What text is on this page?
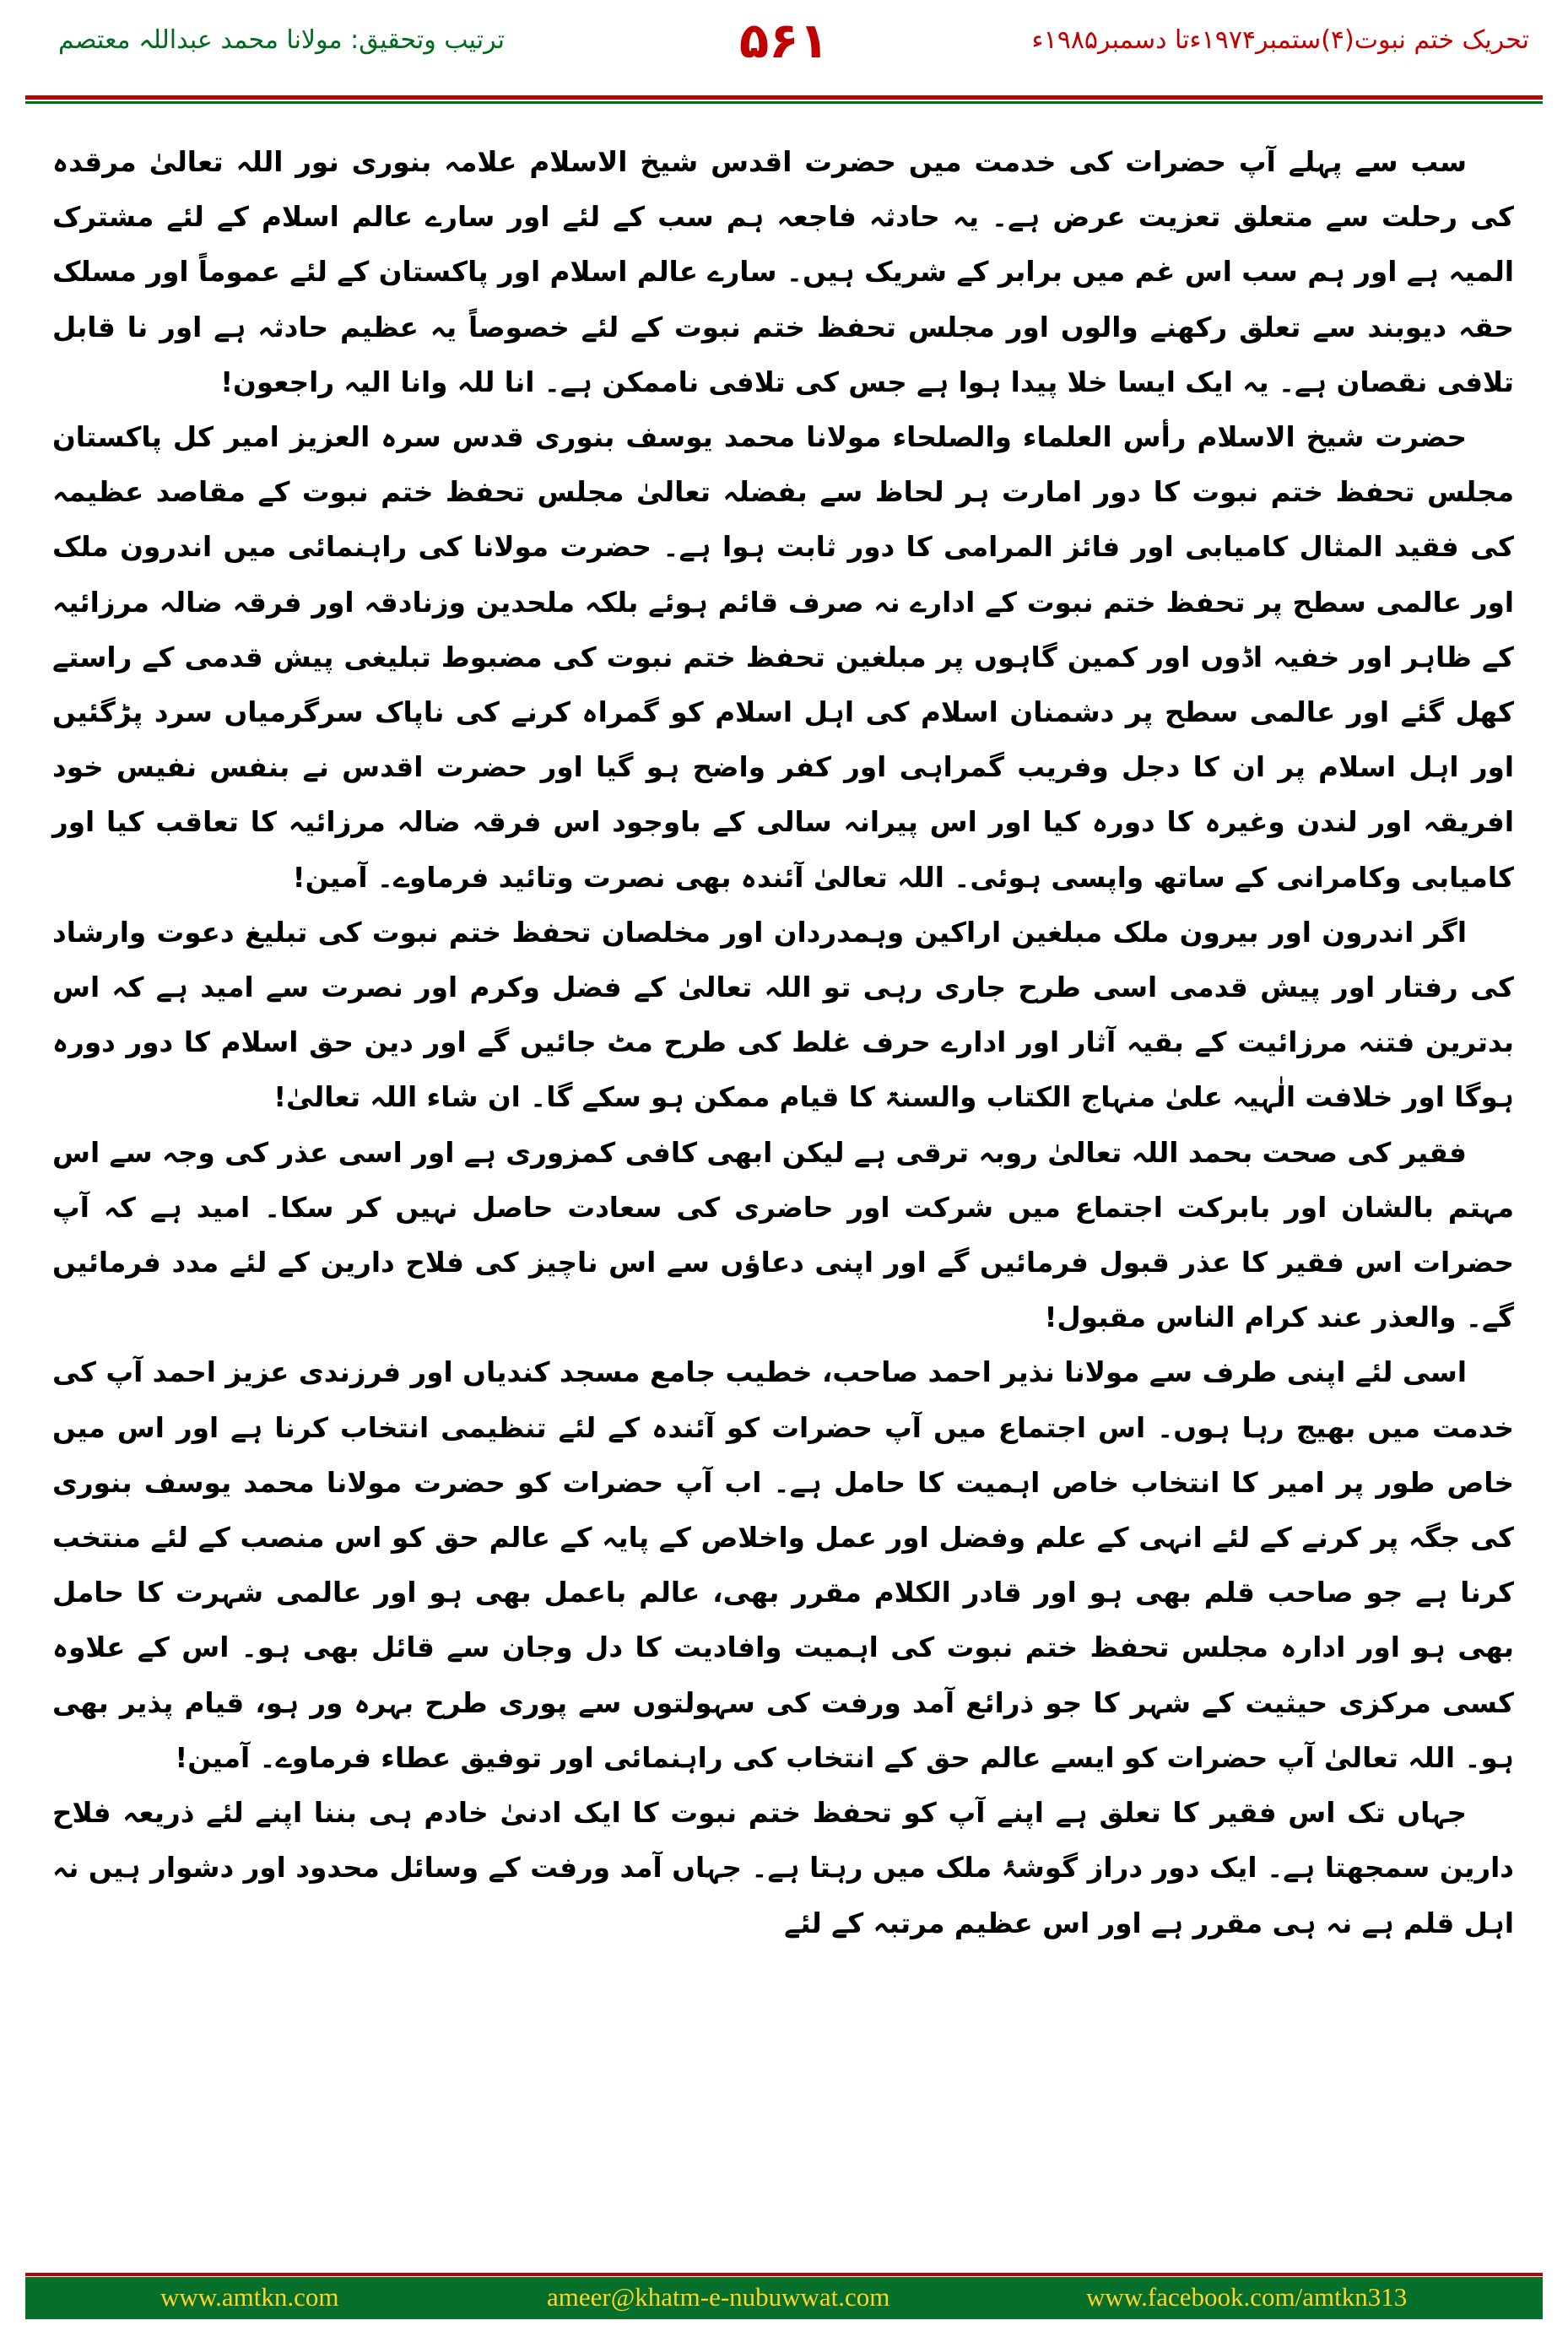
ترتیب وتحقیق: مولانا محمد عبداللہ معتصم	۵۶۱	تحریک ختم نبوت(۴)ستمبر۱۹۷۴ءتا دسمبر۱۹۸۵ء

سب سے پہلے آپ حضرات کی خدمت میں حضرت اقدس شیخ الاسلام علامہ بنوری نور اللہ تعالیٰ مرقدہ کی رحلت سے متعلق تعزیت عرض ہے۔ یہ حادثہ فاجعہ ہم سب کے لئے اور سارے عالم اسلام کے لئے مشترک المیہ ہے اور ہم سب اس غم میں برابر کے شریک ہیں۔ سارے عالم اسلام اور پاکستان کے لئے عموماً اور مسلک حقہ دیوبند سے تعلق رکھنے والوں اور مجلس تحفظ ختم نبوت کے لئے خصوصاً یہ عظیم حادثہ ہے اور نا قابل تلافی نقصان ہے۔ یہ ایک ایسا خلا پیدا ہوا ہے جس کی تلافی ناممکن ہے۔ انا للہ وانا الیہ راجعون!

حضرت شیخ الاسلام رأس العلماء والصلحاء مولانا محمد یوسف بنوری قدس سرہ العزیز امیر کل پاکستان مجلس تحفظ ختم نبوت کا دور امارت ہر لحاظ سے بفضلہ تعالیٰ مجلس تحفظ ختم نبوت کے مقاصد عظیمہ کی فقید المثال کامیابی اور فائز المرامی کا دور ثابت ہوا ہے۔ حضرت مولانا کی راہنمائی میں اندرون ملک اور عالمی سطح پر تحفظ ختم نبوت کے ادارے نہ صرف قائم ہوئے بلکہ ملحدین وزنادقہ اور فرقہ ضالہ مرزائیہ کے ظاہر اور خفیہ اڈوں اور کمین گاہوں پر مبلغین تحفظ ختم نبوت کی مضبوط تبلیغی پیش قدمی کے راستے کھل گئے اور عالمی سطح پر دشمنان اسلام کی اہل اسلام کو گمراہ کرنے کی ناپاک سرگرمیاں سرد پڑگئیں اور اہل اسلام پر ان کا دجل وفریب گمراہی اور کفر واضح ہو گیا اور حضرت اقدس نے بنفس نفیس خود افریقہ اور لندن وغیرہ کا دورہ کیا اور اس پیرانہ سالی کے باوجود اس فرقہ ضالہ مرزائیہ کا تعاقب کیا اور کامیابی وکامرانی کے ساتھ واپسی ہوئی۔ اللہ تعالیٰ آئندہ بھی نصرت وتائید فرماوے۔ آمین!

اگر اندرون اور بیرون ملک مبلغین اراکین وہمدردان اور مخلصان تحفظ ختم نبوت کی تبلیغ دعوت وارشاد کی رفتار اور پیش قدمی اسی طرح جاری رہی تو اللہ تعالیٰ کے فضل وکرم اور نصرت سے امید ہے کہ اس بدترین فتنہ مرزائیت کے بقیہ آثار اور ادارے حرف غلط کی طرح مٹ جائیں گے اور دین حق اسلام کا دور دورہ ہوگا اور خلافت الٰہیہ علیٰ منہاج الکتاب والسنۃ کا قیام ممکن ہو سکے گا۔ ان شاء اللہ تعالیٰ!

فقیر کی صحت بحمد اللہ تعالیٰ روبہ ترقی ہے لیکن ابھی کافی کمزوری ہے اور اسی عذر کی وجہ سے اس مہتم بالشان اور بابرکت اجتماع میں شرکت اور حاضری کی سعادت حاصل نہیں کر سکا۔ امید ہے کہ آپ حضرات اس فقیر کا عذر قبول فرمائیں گے اور اپنی دعاؤں سے اس ناچیز کی فلاح دارین کے لئے مدد فرمائیں گے۔ والعذر عند کرام الناس مقبول!

اسی لئے اپنی طرف سے مولانا نذیر احمد صاحب، خطیب جامع مسجد کندیاں اور فرزندی عزیز احمد آپ کی خدمت میں بھیج رہا ہوں۔ اس اجتماع میں آپ حضرات کو آئندہ کے لئے تنظیمی انتخاب کرنا ہے اور اس میں خاص طور پر امیر کا انتخاب خاص اہمیت کا حامل ہے۔ اب آپ حضرات کو حضرت مولانا محمد یوسف بنوری کی جگہ پر کرنے کے لئے انہی کے علم وفضل اور عمل واخلاص کے پایہ کے عالم حق کو اس منصب کے لئے منتخب کرنا ہے جو صاحب قلم بھی ہو اور قادر الکلام مقرر بھی، عالم باعمل بھی ہو اور عالمی شہرت کا حامل بھی ہو اور ادارہ مجلس تحفظ ختم نبوت کی اہمیت وافادیت کا دل وجان سے قائل بھی ہو۔ اس کے علاوہ کسی مرکزی حیثیت کے شہر کا جو ذرائع آمد ورفت کی سہولتوں سے پوری طرح بہرہ ور ہو، قیام پذیر بھی ہو۔ اللہ تعالیٰ آپ حضرات کو ایسے عالم حق کے انتخاب کی راہنمائی اور توفیق عطاء فرماوے۔ آمین!

جہاں تک اس فقیر کا تعلق ہے اپنے آپ کو تحفظ ختم نبوت کا ایک ادنیٰ خادم ہی بننا اپنے لئے ذریعہ فلاح دارین سمجھتا ہے۔ ایک دور دراز گوشۂ ملک میں رہتا ہے۔ جہاں آمد ورفت کے وسائل محدود اور دشوار ہیں نہ اہل قلم ہے نہ ہی مقرر ہے اور اس عظیم مرتبہ کے لئے

www.amtkn.com	ameer@khatm-e-nubuwwat.com	www.facebook.com/amtkn313
